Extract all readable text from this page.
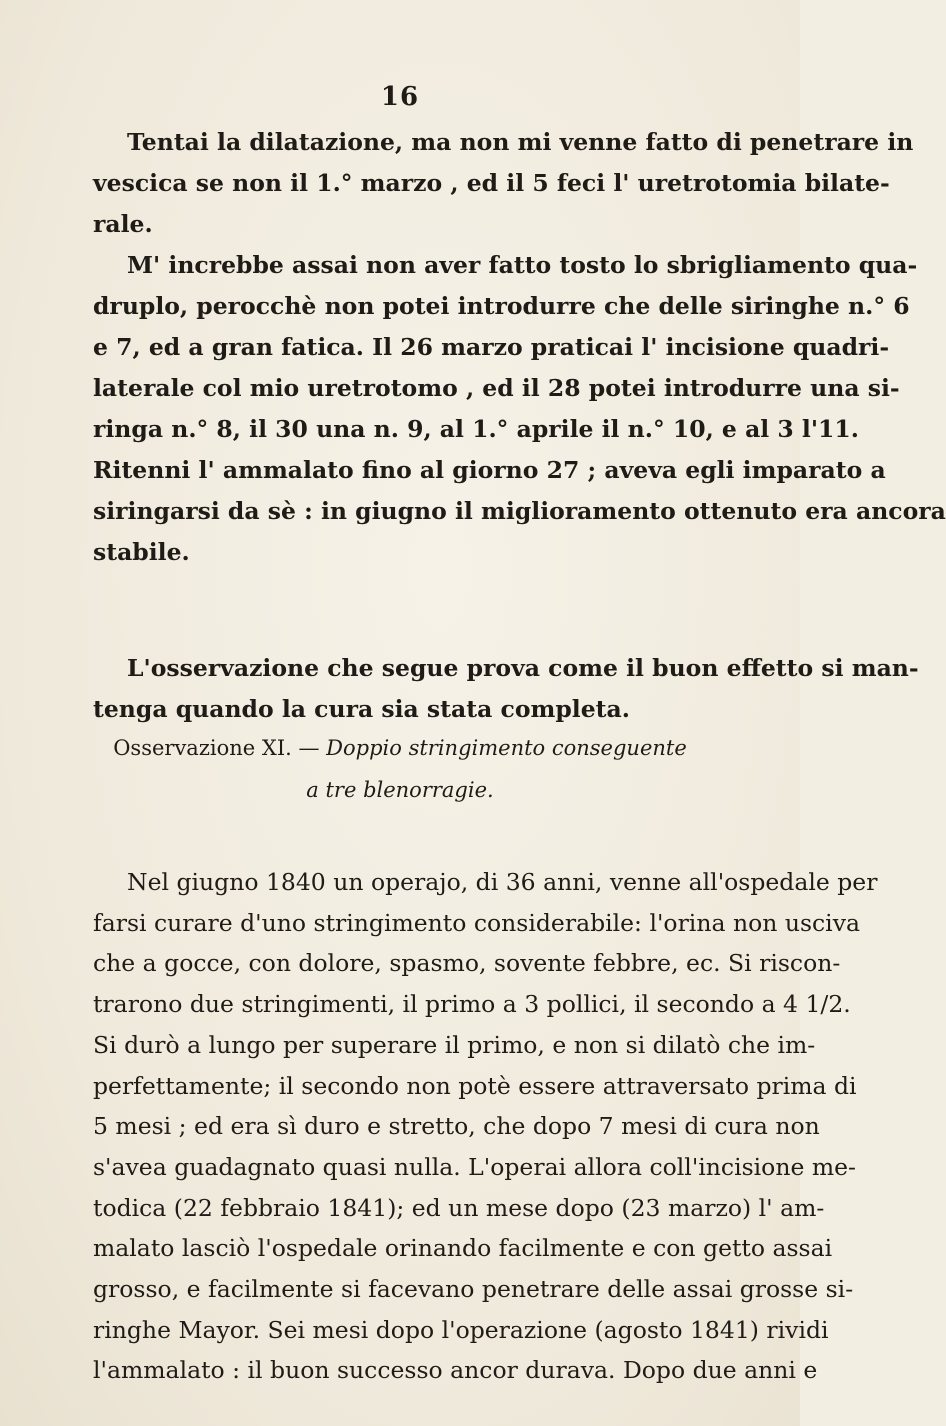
16
Tentai la dilatazione, ma non mi venne fatto di penetrare in
vescica se non il 1.° marzo , ed il 5 feci l' uretrotomia bilate-
rale.
M' increbbe assai non aver fatto tosto lo sbrigliamento qua-
druplo, perocchè non potei introdurre che delle siringhe n.° 6
e 7, ed a gran fatica. Il 26 marzo praticai l' incisione quadri-
laterale col mio uretrotomo , ed il 28 potei introdurre una si-
ringa n.° 8, il 30 una n. 9, al 1.° aprile il n.° 10, e al 3 l'11.
Ritenni l' ammalato fino al giorno 27 ; aveva egli imparato a
siringarsi da sè : in giugno il miglioramento ottenuto era ancora
stabile.
L'osservazione che segue prova come il buon effetto si man-
tenga quando la cura sia stata completa.
Osservazione XI. — Doppio stringimento conseguente
a tre blenorragie.
Nel giugno 1840 un operajo, di 36 anni, venne all'ospedale per
farsi curare d'uno stringimento considerabile: l'orina non usciva
che a gocce, con dolore, spasmo, sovente febbre, ec. Si riscon-
trarono due stringimenti, il primo a 3 pollici, il secondo a 4 1/2.
Si durò a lungo per superare il primo, e non si dilatò che im-
perfettamente; il secondo non potè essere attraversato prima di
5 mesi ; ed era sì duro e stretto, che dopo 7 mesi di cura non
s'avea guadagnato quasi nulla. L'operai allora coll'incisione me-
todica (22 febbraio 1841); ed un mese dopo (23 marzo) l' am-
malato lasciò l'ospedale orinando facilmente e con getto assai
grosso, e facilmente si facevano penetrare delle assai grosse si-
ringhe Mayor. Sei mesi dopo l'operazione (agosto 1841) rividi
l'ammalato : il buon successo ancor durava. Dopo due anni e
